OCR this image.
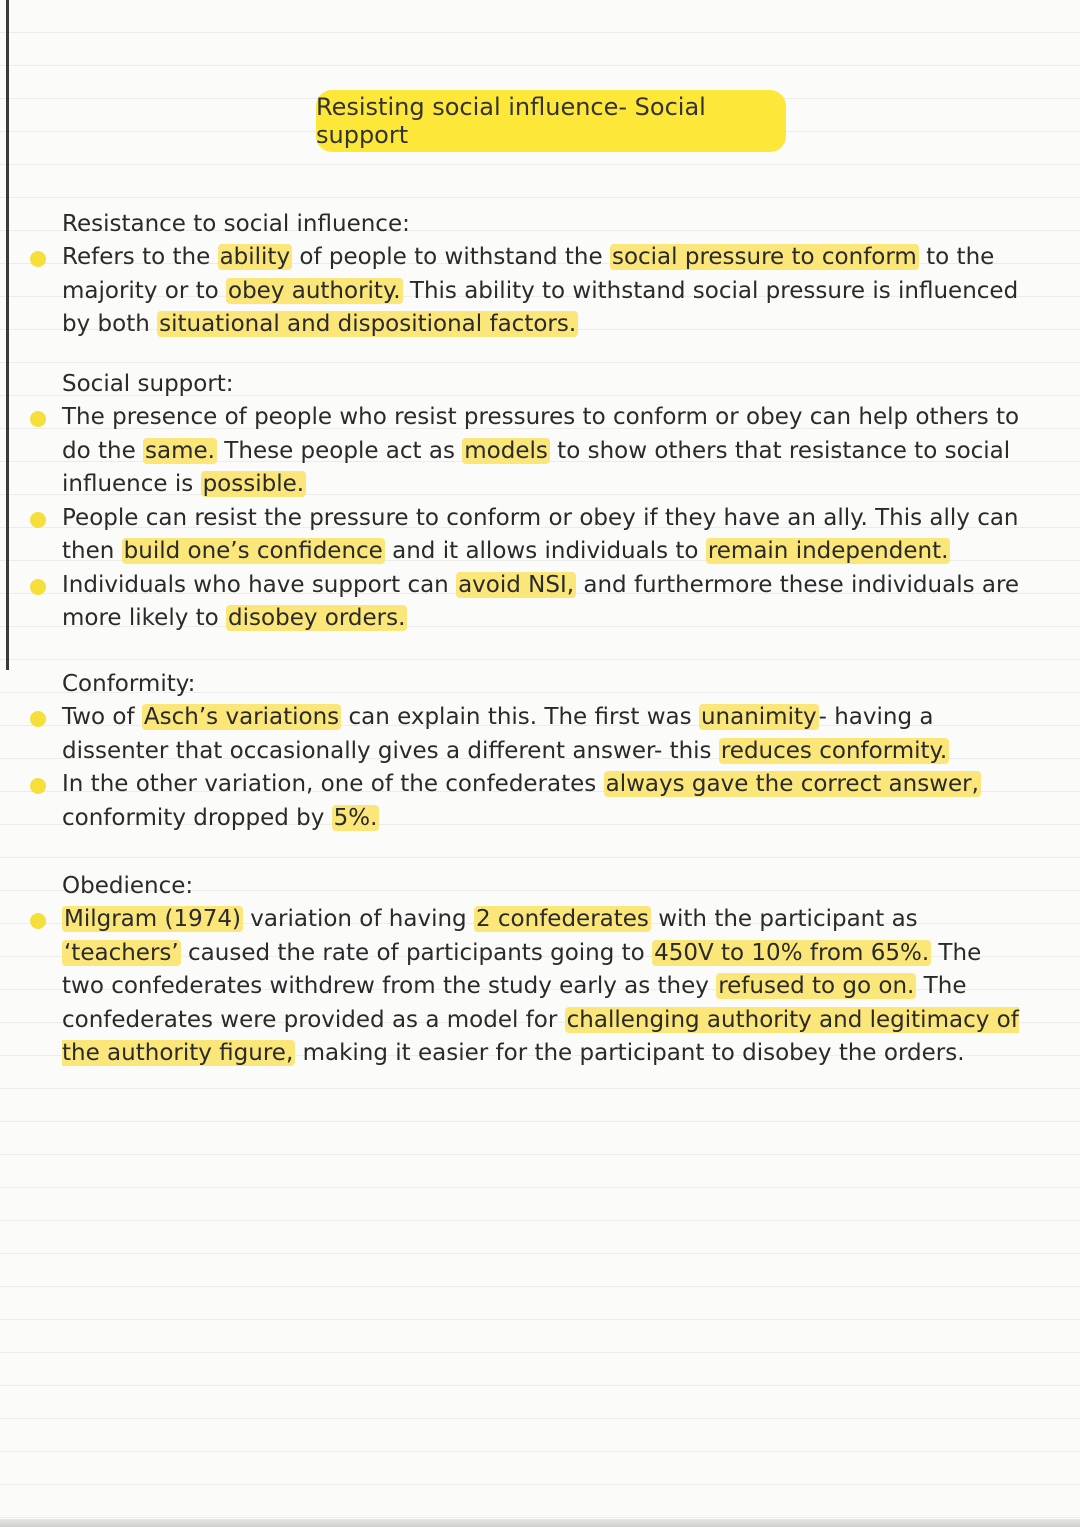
Resisting social influence- Social support
Resistance to social influence:
Refers to the ability of people to withstand the social pressure to conform to the majority or to obey authority. This ability to withstand social pressure is influenced by both situational and dispositional factors.
Social support:
The presence of people who resist pressures to conform or obey can help others to do the same. These people act as models to show others that resistance to social influence is possible.
People can resist the pressure to conform or obey if they have an ally. This ally can then build one’s confidence and it allows individuals to remain independent.
Individuals who have support can avoid NSI, and furthermore these individuals are more likely to disobey orders.
Conformity:
Two of Asch’s variations can explain this. The first was unanimity- having a dissenter that occasionally gives a different answer- this reduces conformity.
In the other variation, one of the confederates always gave the correct answer, conformity dropped by 5%.
Obedience:
Milgram (1974) variation of having 2 confederates with the participant as ‘teachers’ caused the rate of participants going to 450V to 10% from 65%. The two confederates withdrew from the study early as they refused to go on. The confederates were provided as a model for challenging authority and legitimacy of the authority figure, making it easier for the participant to disobey the orders.
